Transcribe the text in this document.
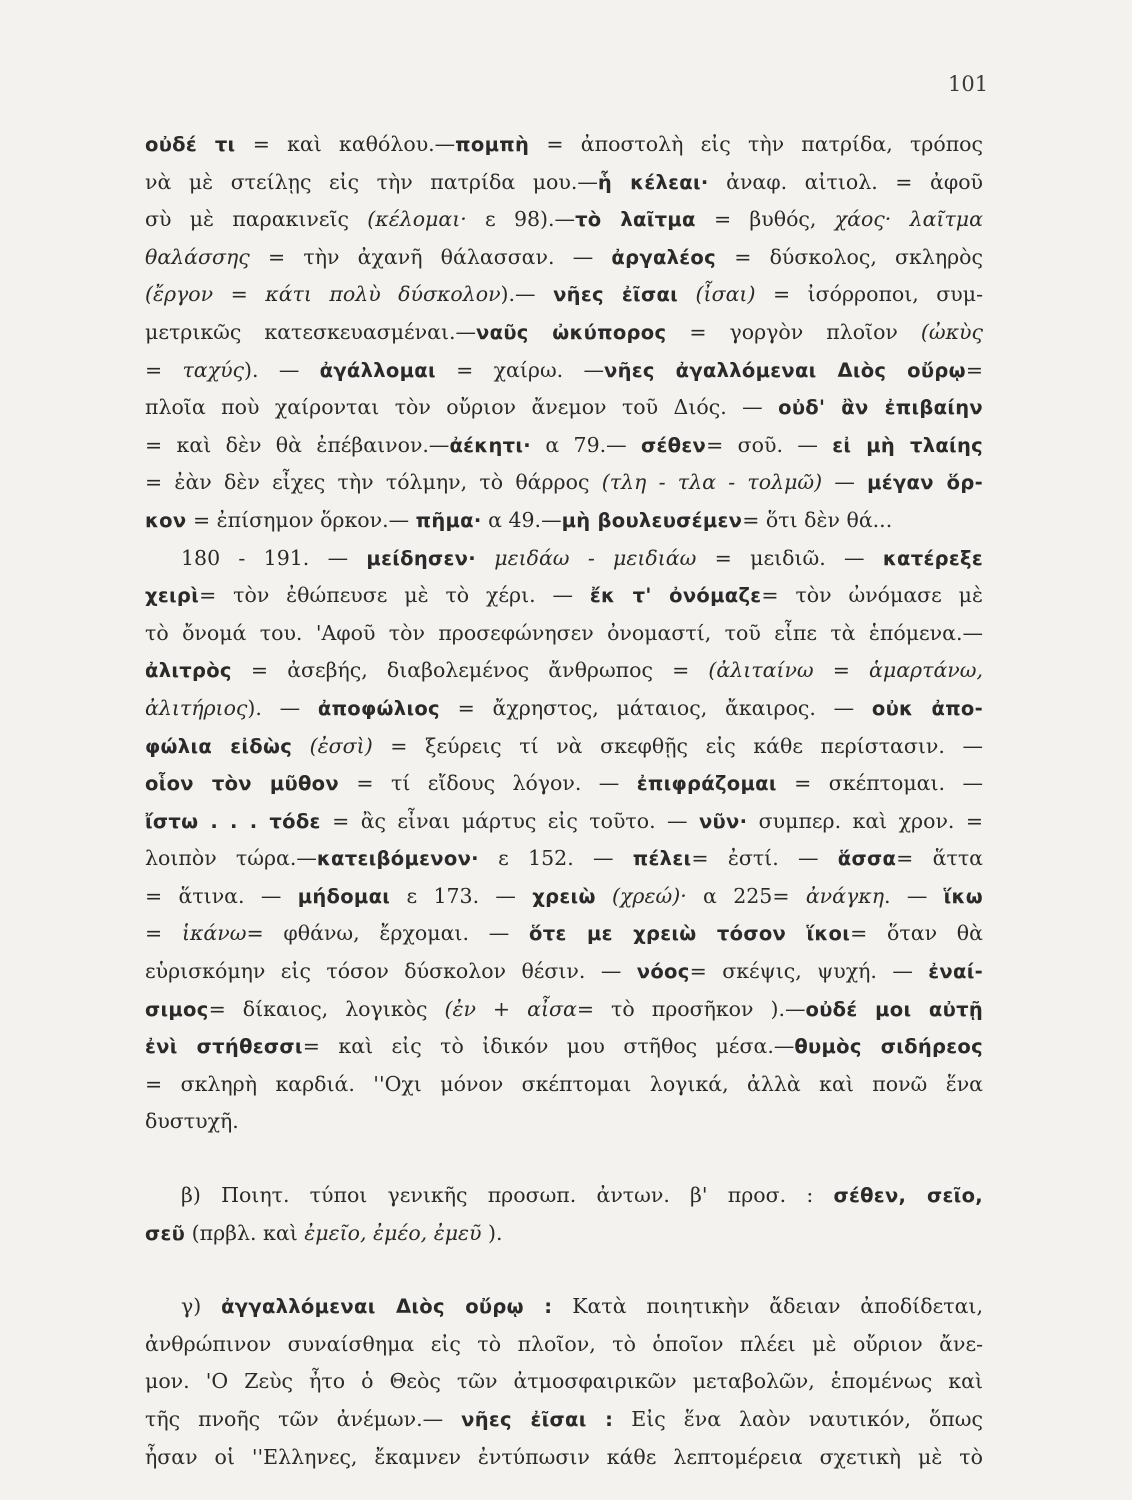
101
οὐδέ τι = καὶ καθόλου.—πομπὴ = ἀποστολὴ εἰς τὴν πατρίδα, τρόπος
νὰ μὲ στείλῃς εἰς τὴν πατρίδα μου.—ἧ κέλεαι· ἀναφ. αἰτιολ. = ἀφοῦ
σὺ μὲ παρακινεῖς (κέλομαι· ε 98).—τὸ λαῖτμα = βυθός, χάος· λαῖτμα
θαλάσσης = τὴν ἀχανῆ θάλασσαν. — ἀργαλέος = δύσκολος, σκληρὸς
(ἔργον = κάτι πολὺ δύσκολον).— νῆες ἐῖσαι (ἶσαι) = ἰσόρροποι, συμ-
μετρικῶς κατεσκευασμέναι.—ναῦς ὠκύπορος = γοργὸν πλοῖον (ὠκὺς
= ταχύς). — ἀγάλλομαι = χαίρω. —νῆες ἀγαλλόμεναι Διὸς οὔρῳ=
πλοῖα ποὺ χαίρονται τὸν οὔριον ἄνεμον τοῦ Διός. — οὐδ' ἂν ἐπιβαίην
= καὶ δὲν θὰ ἐπέβαινον.—ἀέκητι· α 79.— σέθεν= σοῦ. — εἰ μὴ τλαίης
= ἐὰν δὲν εἶχες τὴν τόλμην, τὸ θάρρος (τλη - τλα - τολμῶ) — μέγαν ὅρ-
κον = ἐπίσημον ὅρκον.— πῆμα· α 49.— μὴ βουλευσέμεν = ὅτι δὲν θά...
180 - 191. — μείδησεν· μειδάω - μειδιάω = μειδιῶ. — κατέρεξε
χειρὶ= τὸν ἐθώπευσε μὲ τὸ χέρι. — ἔκ τ' ὀνόμαζε= τὸν ὠνόμασε μὲ
τὸ ὄνομά του. 'Αφοῦ τὸν προσεφώνησεν ὀνομαστί, τοῦ εἶπε τὰ ἑπόμενα.—
ἀλιτρὸς = ἀσεβής, διαβολεμένος ἄνθρωπος = (ἀλιταίνω = ἁμαρτάνω,
ἀλιτήριος). — ἀποφώλιος = ἄχρηστος, μάταιος, ἄκαιρος. — οὐκ ἀπο-
φώλια εἰδὼς (ἐσσὶ) = ξεύρεις τί νὰ σκεφθῇς εἰς κάθε περίστασιν. —
οἷον τὸν μῦθον = τί εἴδους λόγον. — ἐπιφράζομαι = σκέπτομαι. —
ἴστω . . . τόδε = ἂς εἶναι μάρτυς εἰς τοῦτο. — νῦν· συμπερ. καὶ χρον. =
λοιπὸν τώρα.—κατειβόμενον· ε 152. — πέλει= ἐστί. — ἅσσα= ἅττα
= ἅτινα. — μήδομαι ε 173. — χρειὼ (χρεώ)· α 225= ἀνάγκη. — ἵκω
= ἱκάνω= φθάνω, ἔρχομαι. — ὅτε με χρειὼ τόσον ἵκοι= ὅταν θὰ
εὑρισκόμην εἰς τόσον δύσκολον θέσιν. — νόος= σκέψις, ψυχή. — ἐναί-
σιμος= δίκαιος, λογικὸς (ἐν + αἶσα= τὸ προσῆκον ).—οὐδέ μοι αὐτῇ
ἐνὶ στήθεσσι= καὶ εἰς τὸ ἰδικόν μου στῆθος μέσα.—θυμὸς σιδήρεος
= σκληρὴ καρδιά. ''Οχι μόνον σκέπτομαι λογικά, ἀλλὰ καὶ πονῶ ἕνα
δυστυχῆ.
β) Ποιητ. τύποι γενικῆς προσωπ. ἀντων. β' προσ. : σέθεν, σεῖο,
σεῦ (πρβλ. καὶ ἐμεῖο, ἐμέο, ἐμεῦ ).
γ) ἀγγαλλόμεναι Διὸς οὔρῳ : Κατὰ ποιητικὴν ἄδειαν ἀποδίδεται,
ἀνθρώπινον συναίσθημα εἰς τὸ πλοῖον, τὸ ὁποῖον πλέει μὲ οὔριον ἄνε-
μον. 'Ο Ζεὺς ἦτο ὁ Θεὸς τῶν ἀτμοσφαιρικῶν μεταβολῶν, ἑπομένως καὶ
τῆς πνοῆς τῶν ἀνέμων.— νῆες ἐῖσαι : Εἰς ἕνα λαὸν ναυτικόν, ὅπως
ἦσαν οἱ ''Ελληνες, ἔκαμνεν ἐντύπωσιν κάθε λεπτομέρεια σχετικὴ μὲ τὸ
